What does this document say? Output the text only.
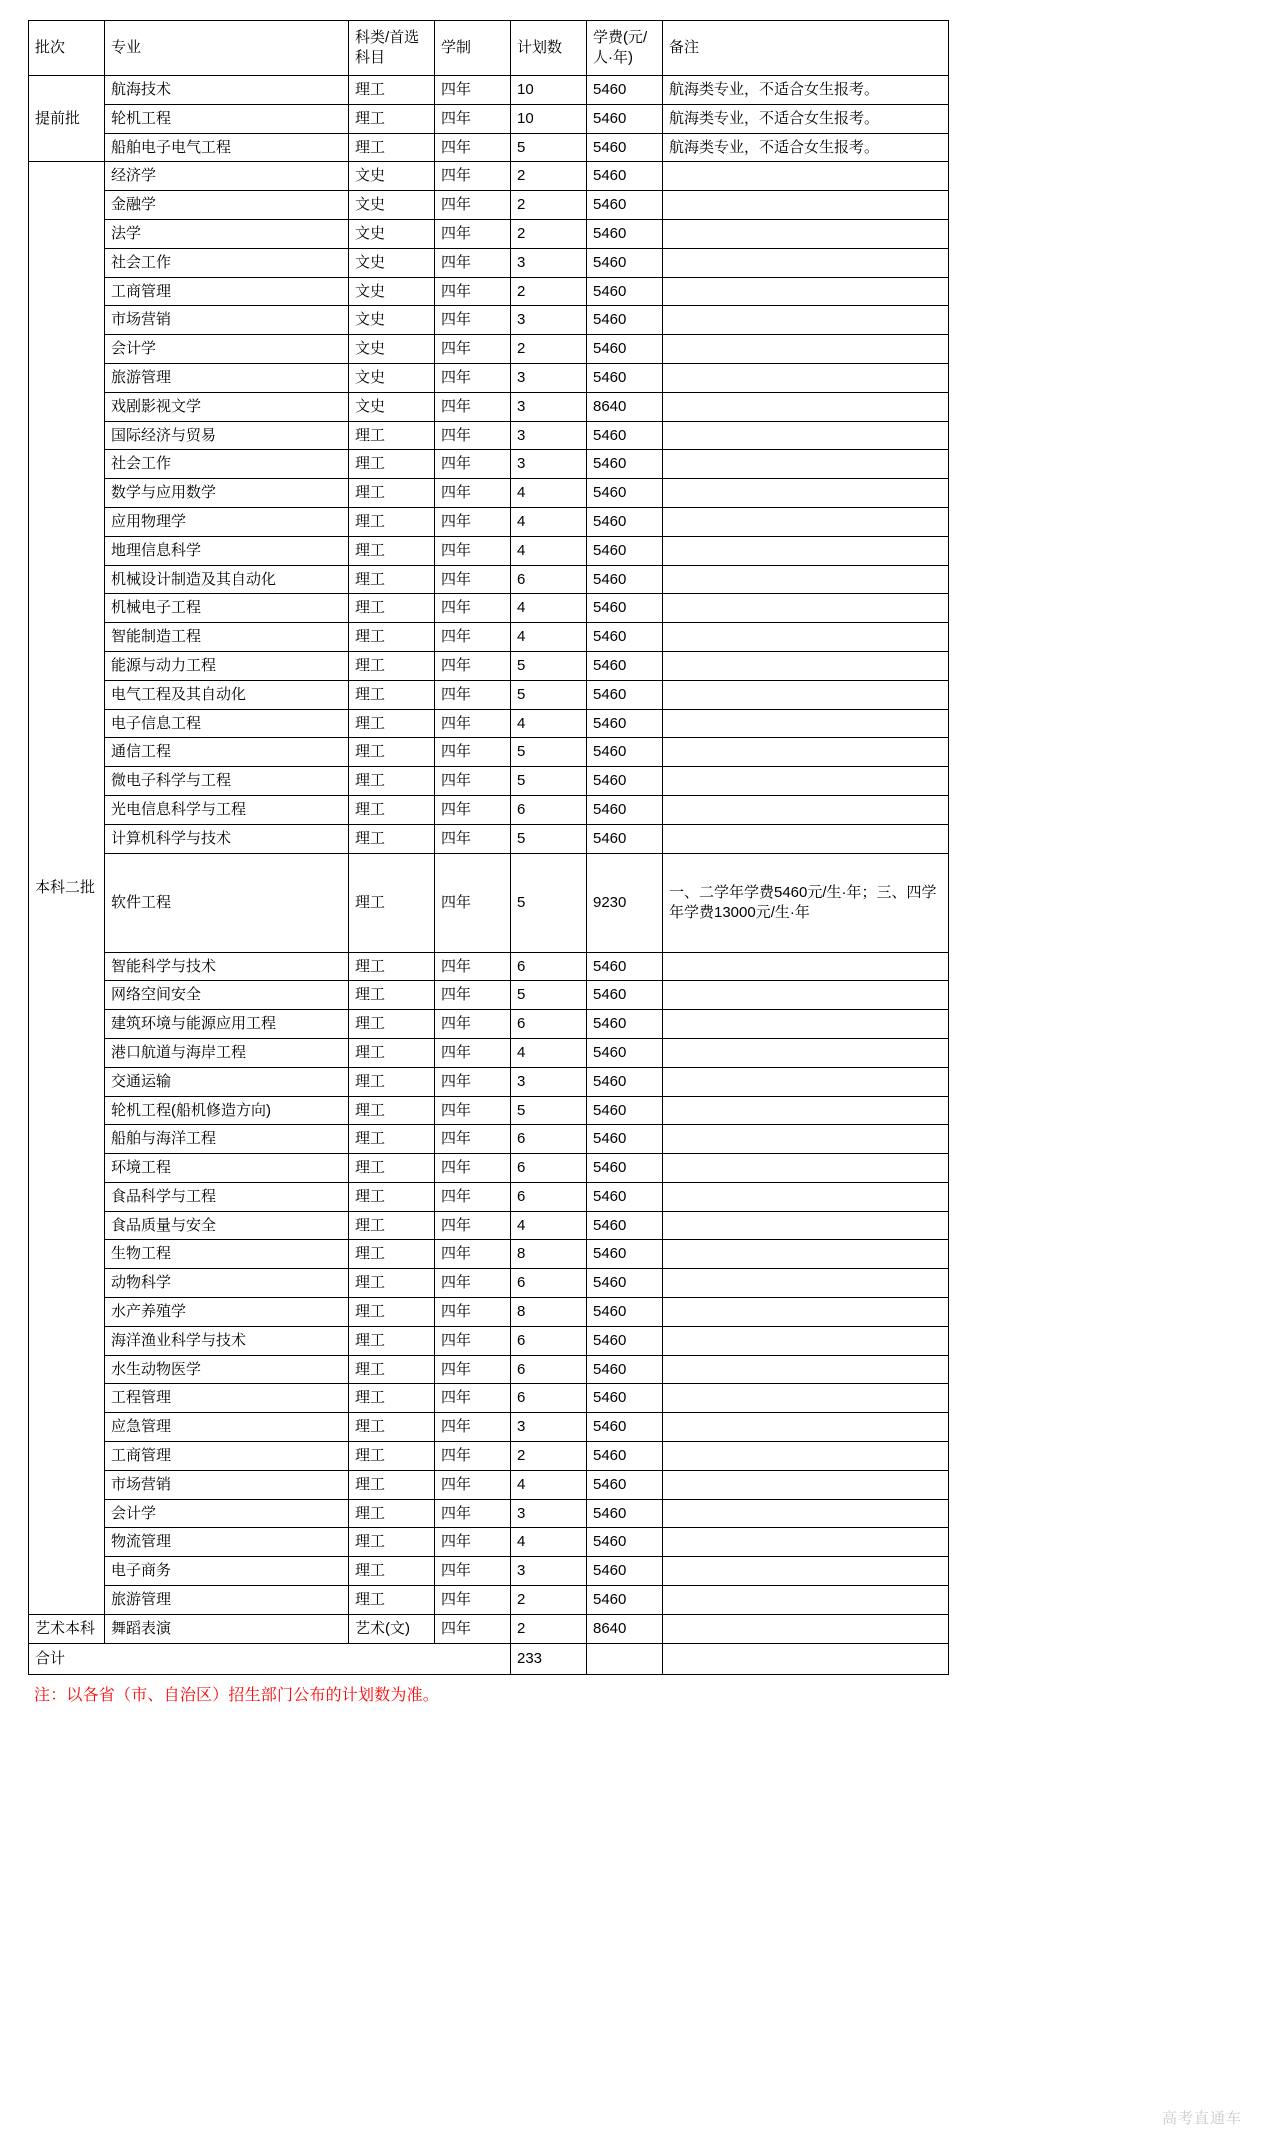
批次	专业	科类/首选科目	学制	计划数	学费(元/人·年)	备注
提前批	航海技术	理工	四年	10	5460	航海类专业，不适合女生报考。
	轮机工程	理工	四年	10	5460	航海类专业，不适合女生报考。
	船舶电子电气工程	理工	四年	5	5460	航海类专业，不适合女生报考。
本科二批	经济学	文史	四年	2	5460	
	金融学	文史	四年	2	5460	
	法学	文史	四年	2	5460	
	社会工作	文史	四年	3	5460	
	工商管理	文史	四年	2	5460	
	市场营销	文史	四年	3	5460	
	会计学	文史	四年	2	5460	
	旅游管理	文史	四年	3	5460	
	戏剧影视文学	文史	四年	3	8640	
	国际经济与贸易	理工	四年	3	5460	
	社会工作	理工	四年	3	5460	
	数学与应用数学	理工	四年	4	5460	
	应用物理学	理工	四年	4	5460	
	地理信息科学	理工	四年	4	5460	
	机械设计制造及其自动化	理工	四年	6	5460	
	机械电子工程	理工	四年	4	5460	
	智能制造工程	理工	四年	4	5460	
	能源与动力工程	理工	四年	5	5460	
	电气工程及其自动化	理工	四年	5	5460	
	电子信息工程	理工	四年	4	5460	
	通信工程	理工	四年	5	5460	
	微电子科学与工程	理工	四年	5	5460	
	光电信息科学与工程	理工	四年	6	5460	
	计算机科学与技术	理工	四年	5	5460	
	软件工程	理工	四年	5	9230	一、二学年学费5460元/生·年；三、四学年学费13000元/生·年
	智能科学与技术	理工	四年	6	5460	
	网络空间安全	理工	四年	5	5460	
	建筑环境与能源应用工程	理工	四年	6	5460	
	港口航道与海岸工程	理工	四年	4	5460	
	交通运输	理工	四年	3	5460	
	轮机工程(船机修造方向)	理工	四年	5	5460	
	船舶与海洋工程	理工	四年	6	5460	
	环境工程	理工	四年	6	5460	
	食品科学与工程	理工	四年	6	5460	
	食品质量与安全	理工	四年	4	5460	
	生物工程	理工	四年	8	5460	
	动物科学	理工	四年	6	5460	
	水产养殖学	理工	四年	8	5460	
	海洋渔业科学与技术	理工	四年	6	5460	
	水生动物医学	理工	四年	6	5460	
	工程管理	理工	四年	6	5460	
	应急管理	理工	四年	3	5460	
	工商管理	理工	四年	2	5460	
	市场营销	理工	四年	4	5460	
	会计学	理工	四年	3	5460	
	物流管理	理工	四年	4	5460	
	电子商务	理工	四年	3	5460	
	旅游管理	理工	四年	2	5460	
艺术本科	舞蹈表演	艺术(文)	四年	2	8640	
合计				233		

注：以各省（市、自治区）招生部门公布的计划数为准。

高考直通车
